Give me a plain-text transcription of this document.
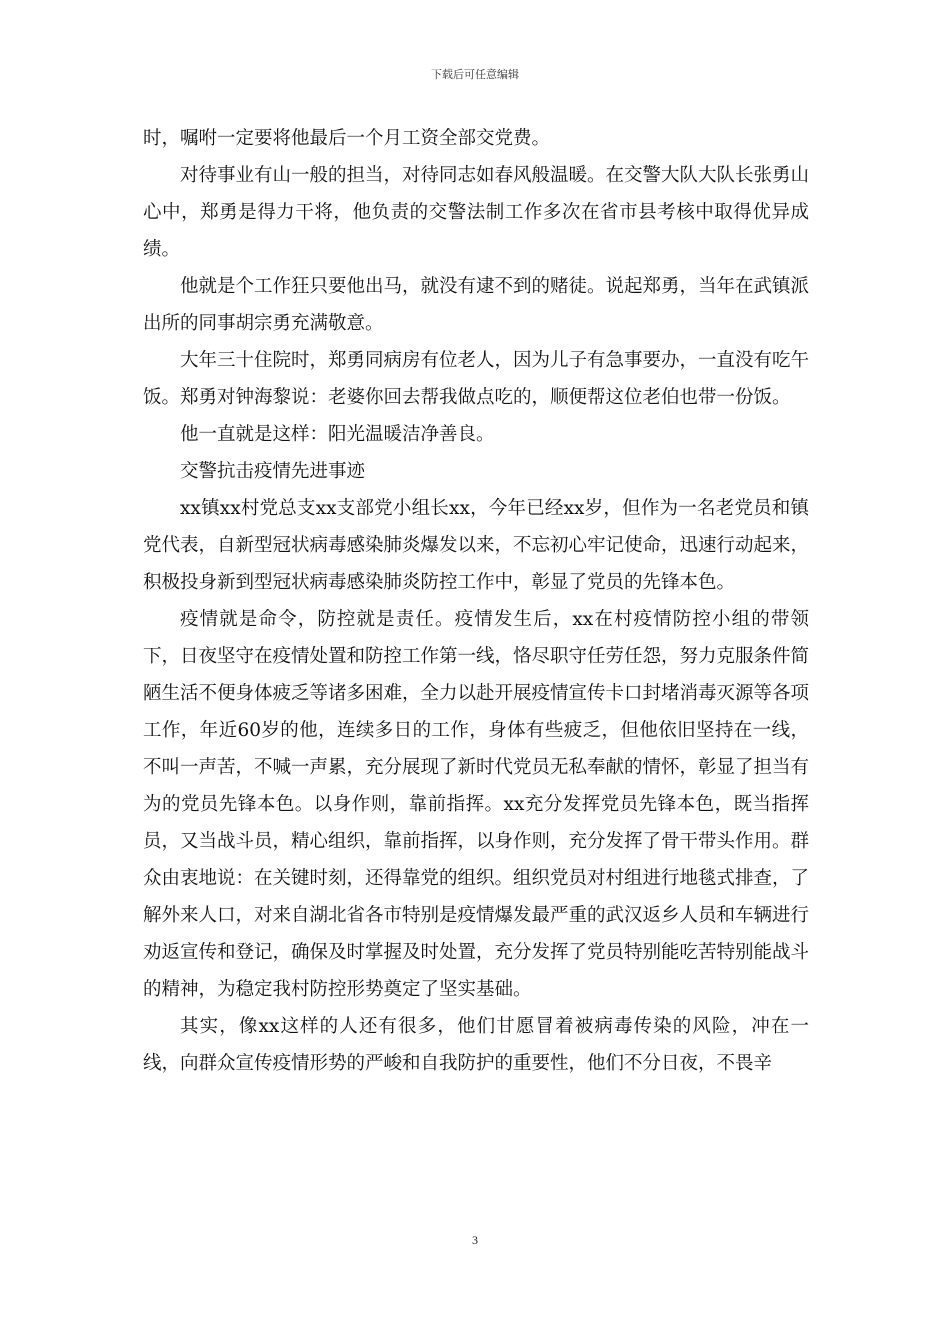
下载后可任意编辑

时，嘱咐一定要将他最后一个月工资全部交党费。

对待事业有山一般的担当，对待同志如春风般温暖。在交警大队大队长张勇山心中，郑勇是得力干将，他负责的交警法制工作多次在省市县考核中取得优异成绩。

他就是个工作狂只要他出马，就没有逮不到的赌徒。说起郑勇，当年在武镇派出所的同事胡宗勇充满敬意。

大年三十住院时，郑勇同病房有位老人，因为儿子有急事要办，一直没有吃午饭。郑勇对钟海黎说：老婆你回去帮我做点吃的，顺便帮这位老伯也带一份饭。

他一直就是这样：阳光温暖洁净善良。

交警抗击疫情先进事迹

xx镇xx村党总支xx支部党小组长xx，今年已经xx岁，但作为一名老党员和镇党代表，自新型冠状病毒感染肺炎爆发以来，不忘初心牢记使命，迅速行动起来，积极投身新到型冠状病毒感染肺炎防控工作中，彰显了党员的先锋本色。

疫情就是命令，防控就是责任。疫情发生后，xx在村疫情防控小组的带领下，日夜坚守在疫情处置和防控工作第一线，恪尽职守任劳任怨，努力克服条件简陋生活不便身体疲乏等诸多困难，全力以赴开展疫情宣传卡口封堵消毒灭源等各项工作，年近60岁的他，连续多日的工作，身体有些疲乏，但他依旧坚持在一线，不叫一声苦，不喊一声累，充分展现了新时代党员无私奉献的情怀，彰显了担当有为的党员先锋本色。以身作则，靠前指挥。xx充分发挥党员先锋本色，既当指挥员，又当战斗员，精心组织，靠前指挥，以身作则，充分发挥了骨干带头作用。群众由衷地说：在关键时刻，还得靠党的组织。组织党员对村组进行地毯式排查，了解外来人口，对来自湖北省各市特别是疫情爆发最严重的武汉返乡人员和车辆进行劝返宣传和登记，确保及时掌握及时处置，充分发挥了党员特别能吃苦特别能战斗的精神，为稳定我村防控形势奠定了坚实基础。

其实，像xx这样的人还有很多，他们甘愿冒着被病毒传染的风险，冲在一线，向群众宣传疫情形势的严峻和自我防护的重要性，他们不分日夜，不畏辛

3
